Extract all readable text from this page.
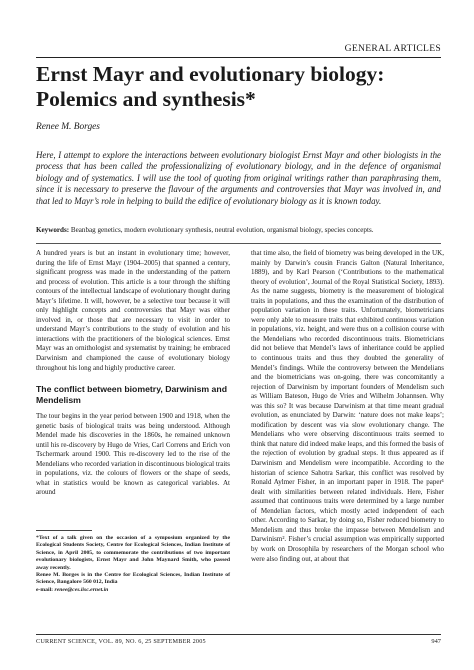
GENERAL ARTICLES
Ernst Mayr and evolutionary biology: Polemics and synthesis*
Renee M. Borges

Here, I attempt to explore the interactions between evolutionary biologist Ernst Mayr and other biologists in the process that has been called the professionalizing of evolutionary biology, and in the defence of organismal biology and of systematics. I will use the tool of quoting from original writings rather than paraphrasing them, since it is necessary to preserve the flavour of the arguments and controversies that Mayr was involved in, and that led to Mayr’s role in helping to build the edifice of evolutionary biology as it is known today.

Keywords: Beanbag genetics, modern evolutionary synthesis, neutral evolution, organismal biology, species concepts.

A hundred years is but an instant in evolutionary time; however, during the life of Ernst Mayr (1904–2005) that spanned a century, significant progress was made in the understanding of the pattern and process of evolution. This article is a tour through the shifting contours of the intellectual landscape of evolutionary thought during Mayr’s lifetime. It will, however, be a selective tour because it will only highlight concepts and controversies that Mayr was either involved in, or those that are necessary to visit in order to understand Mayr’s contributions to the study of evolution and his interactions with the practitioners of the biological sciences. Ernst Mayr was an ornithologist and systematist by training; he embraced Darwinism and championed the cause of evolutionary biology throughout his long and highly productive career.

The conflict between biometry, Darwinism and Mendelism

The tour begins in the year period between 1900 and 1918, when the genetic basis of biological traits was being understood. Although Mendel made his discoveries in the 1860s, he remained unknown until his re-discovery by Hugo de Vries, Carl Correns and Erich von Tschermark around 1900. This re-discovery led to the rise of the Mendelians who recorded variation in discontinuous biological traits in populations, viz. the colours of flowers or the shape of seeds, what in statistics would be known as categorical variables. At around

*Text of a talk given on the occasion of a symposium organized by the Ecological Students Society, Centre for Ecological Sciences, Indian Institute of Science, in April 2005, to commemorate the contributions of two important evolutionary biologists, Ernst Mayr and John Maynard Smith, who passed away recently.
Renee M. Borges is in the Centre for Ecological Sciences, Indian Institute of Science, Bangalore 560 012, India
e-mail: renee@ces.iisc.ernet.in

that time also, the field of biometry was being developed in the UK, mainly by Darwin’s cousin Francis Galton (Natural Inheritance, 1889), and by Karl Pearson (‘Contributions to the mathematical theory of evolution’, Journal of the Royal Statistical Society, 1893). As the name suggests, biometry is the measurement of biological traits in populations, and thus the examination of the distribution of population variation in these traits. Unfortunately, biometricians were only able to measure traits that exhibited continuous variation in populations, viz. height, and were thus on a collision course with the Mendelians who recorded discontinuous traits. Biometricians did not believe that Mendel’s laws of inheritance could be applied to continuous traits and thus they doubted the generality of Mendel’s findings. While the controversy between the Mendelians and the biometricians was on-going, there was concomitantly a rejection of Darwinism by important founders of Mendelism such as William Bateson, Hugo de Vries and Wilhelm Johannsen. Why was this so? It was because Darwinism at that time meant gradual evolution, as enunciated by Darwin: ‘nature does not make leaps’; modification by descent was via slow evolutionary change. The Mendelians who were observing discontinuous traits seemed to think that nature did indeed make leaps, and this formed the basis of the rejection of evolution by gradual steps. It thus appeared as if Darwinism and Mendelism were incompatible. According to the historian of science Sahotra Sarkar, this conflict was resolved by Ronald Aylmer Fisher, in an important paper in 1918. The paper¹ dealt with similarities between related individuals. Here, Fisher assumed that continuous traits were determined by a large number of Mendelian factors, which mostly acted independent of each other. According to Sarkar, by doing so, Fisher reduced biometry to Mendelism and thus broke the impasse between Mendelism and Darwinism². Fisher’s crucial assumption was empirically supported by work on Drosophila by researchers of the Morgan school who were also finding out, at about that

CURRENT SCIENCE, VOL. 89, NO. 6, 25 SEPTEMBER 2005	947
